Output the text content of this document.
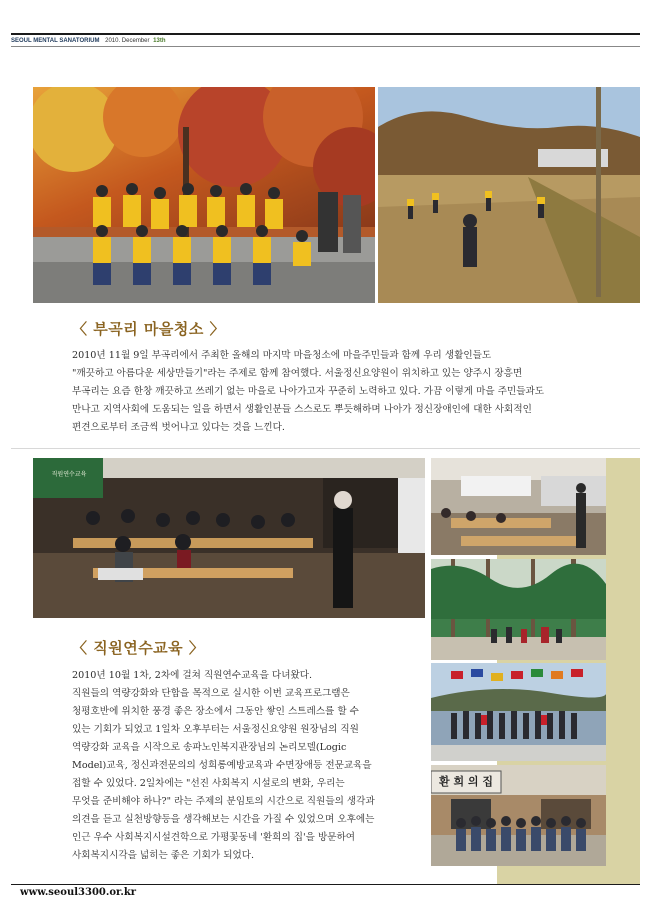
SEOUL MENTAL SANATORIUM 2010. December 13th
〈 부곡리 마을청소 〉
2010년 11월 9일 부곡리에서 주최한 올해의 마지막 마을청소에 마을주민들과 함께 우리 생활인들도
"깨끗하고 아름다운 세상만들기"라는 주제로 함께 참여했다. 서울정신요양원이 위치하고 있는 양주시 장흥면
부곡리는 요즘 한창 깨끗하고 쓰레기 없는 마을로 나아가고자 꾸준히 노력하고 있다. 가끔 이렇게 마을 주민들과도
만나고 지역사회에 도움되는 일을 하면서 생활인분들 스스로도 뿌듯해하며 나아가 정신장애인에 대한 사회적인
편견으로부터 조금씩 벗어나고 있다는 것을 느낀다.
직원연수교육
환 희 의 집
〈 직원연수교육 〉
2010년 10월 1차, 2차에 걸쳐 직원연수교육을 다녀왔다.
직원들의 역량강화와 단합을 목적으로 실시한 이번 교육프로그램은
청평호반에 위치한 풍경 좋은 장소에서 그동안 쌓인 스트레스를 할 수
있는 기회가 되었고 1일차 오후부터는 서울정신요양원 원장님의 직원
역량강화 교육을 시작으로 송파노인복지관장님의 논리모델(Logic
Model)교육, 정신과전문의의 성희롱예방교육과 수면장애등 전문교육을
접할 수 있었다. 2일차에는 "선진 사회복지 시설로의 변화, 우리는
무엇을 준비해야 하나?" 라는 주제의 분임토의 시간으로 직원들의 생각과
의견을 듣고 실천방향등을 생각해보는 시간을 가질 수 있었으며 오후에는
인근 우수 사회복지시설견학으로 가평꽃동네 '환희의 집'을 방문하여
사회복지시각을 넓히는 좋은 기회가 되었다.
www.seoul3300.or.kr
